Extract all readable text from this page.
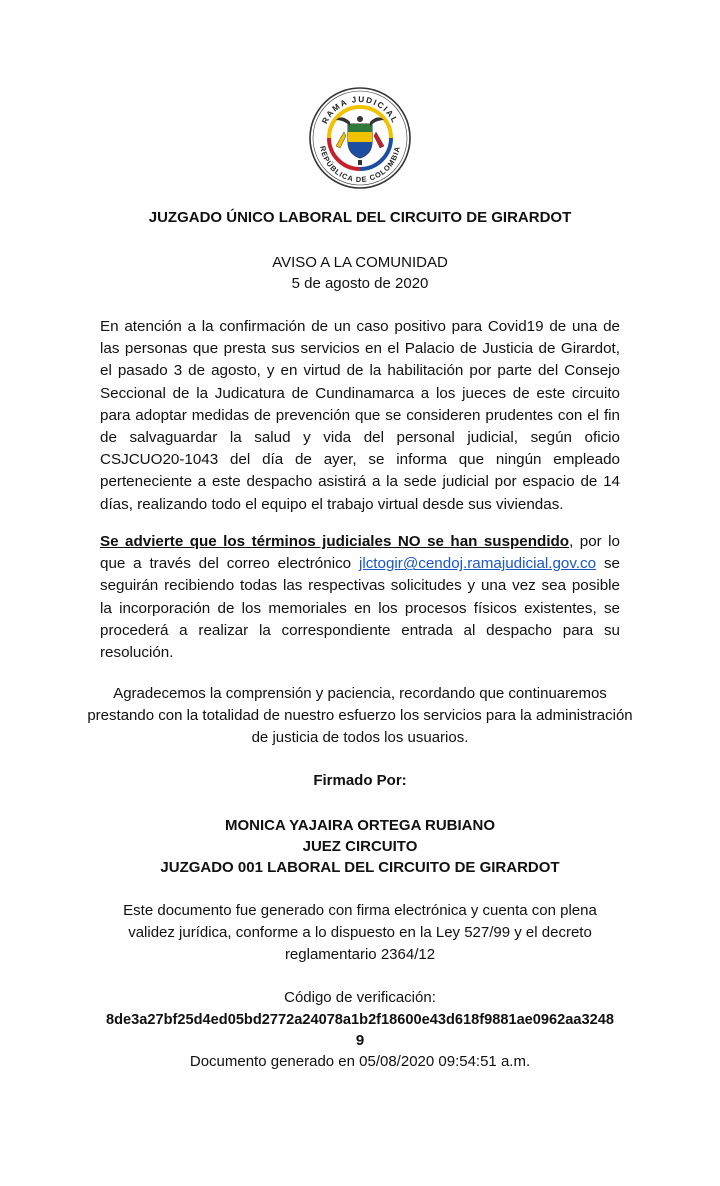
RAMA JUDICIAL
REPÚBLICA DE COLOMBIA
JUZGADO ÚNICO LABORAL DEL CIRCUITO DE GIRARDOT
AVISO A LA COMUNIDAD
5 de agosto de 2020
En atención a la confirmación de un caso positivo para Covid19 de una de las personas que presta sus servicios en el Palacio de Justicia de Girardot, el pasado 3 de agosto, y en virtud de la habilitación por parte del Consejo Seccional de la Judicatura de Cundinamarca a los jueces de este circuito para adoptar medidas de prevención que se consideren prudentes con el fin de salvaguardar la salud y vida del personal judicial, según oficio CSJCUO20-1043 del día de ayer, se informa que ningún empleado perteneciente a este despacho asistirá a la sede judicial por espacio de 14 días, realizando todo el equipo el trabajo virtual desde sus viviendas.
Se advierte que los términos judiciales NO se han suspendido, por lo que a través del correo electrónico jlctogir@cendoj.ramajudicial.gov.co se seguirán recibiendo todas las respectivas solicitudes y una vez sea posible la incorporación de los memoriales en los procesos físicos existentes, se procederá a realizar la correspondiente entrada al despacho para su resolución.
Agradecemos la comprensión y paciencia, recordando que continuaremos prestando con la totalidad de nuestro esfuerzo los servicios para la administración de justicia de todos los usuarios.
Firmado Por:
MONICA YAJAIRA ORTEGA RUBIANO
JUEZ CIRCUITO
JUZGADO 001 LABORAL DEL CIRCUITO DE GIRARDOT
Este documento fue generado con firma electrónica y cuenta con plena validez jurídica, conforme a lo dispuesto en la Ley 527/99 y el decreto reglamentario 2364/12
Código de verificación:
8de3a27bf25d4ed05bd2772a24078a1b2f18600e43d618f9881ae0962aa3248
9
Documento generado en 05/08/2020 09:54:51 a.m.
